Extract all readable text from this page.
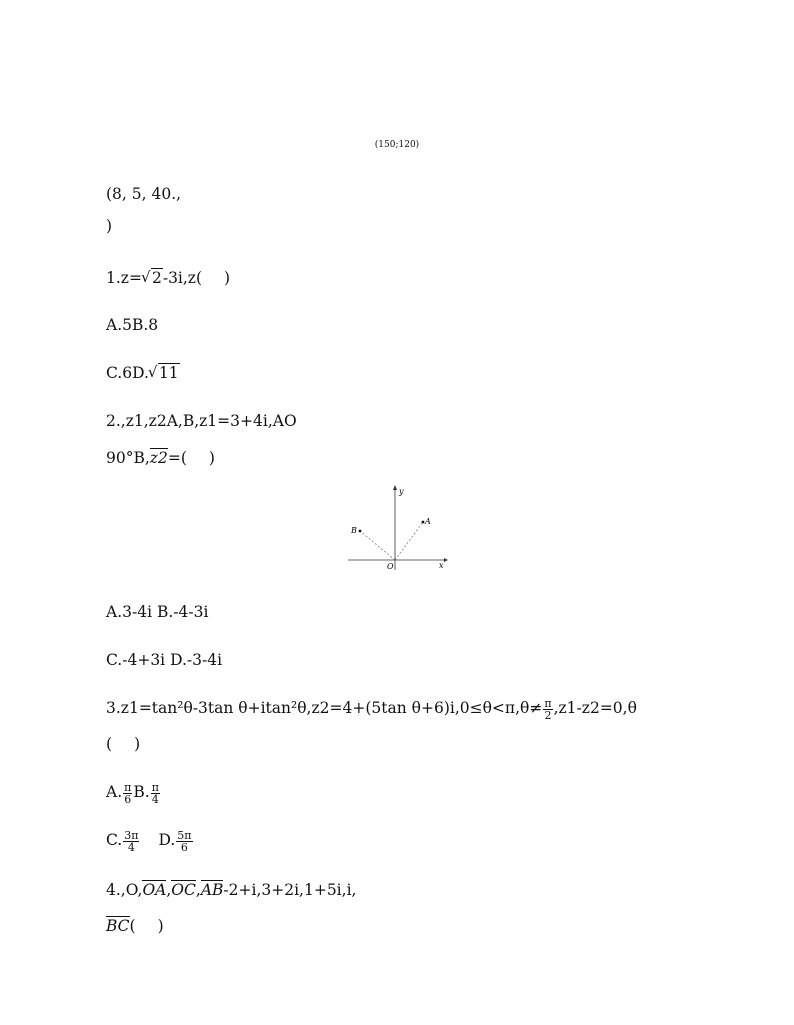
(150;120)
(8, 5, 40.,
)
1.z= √ 2-3i,z( )
A.5B.8
C.6D. √ 11
2.,z1,z2A,B,z1=3+4i,AO
90°B,z2=( )
y
x
O
A
B
A.3-4i B.-4-3i
C.-4+3i D.-3-4i
3.z1=tan²θ-3tan θ+itan²θ,z2=4+(5tan $\theta+6)i,0\le\theta<\pi,\theta\ne \frac{\pi}{2} ,z1-z2=0,\theta$
( )
A. $\frac{\pi}{6} B$. $\frac{\pi}{4}$
C. $\frac{3\pi}{4} D$. $\frac{5\pi}{6}$
4.,O,OA,OC,AB-2+i,3+2i,1+5i,i,
BC( )
